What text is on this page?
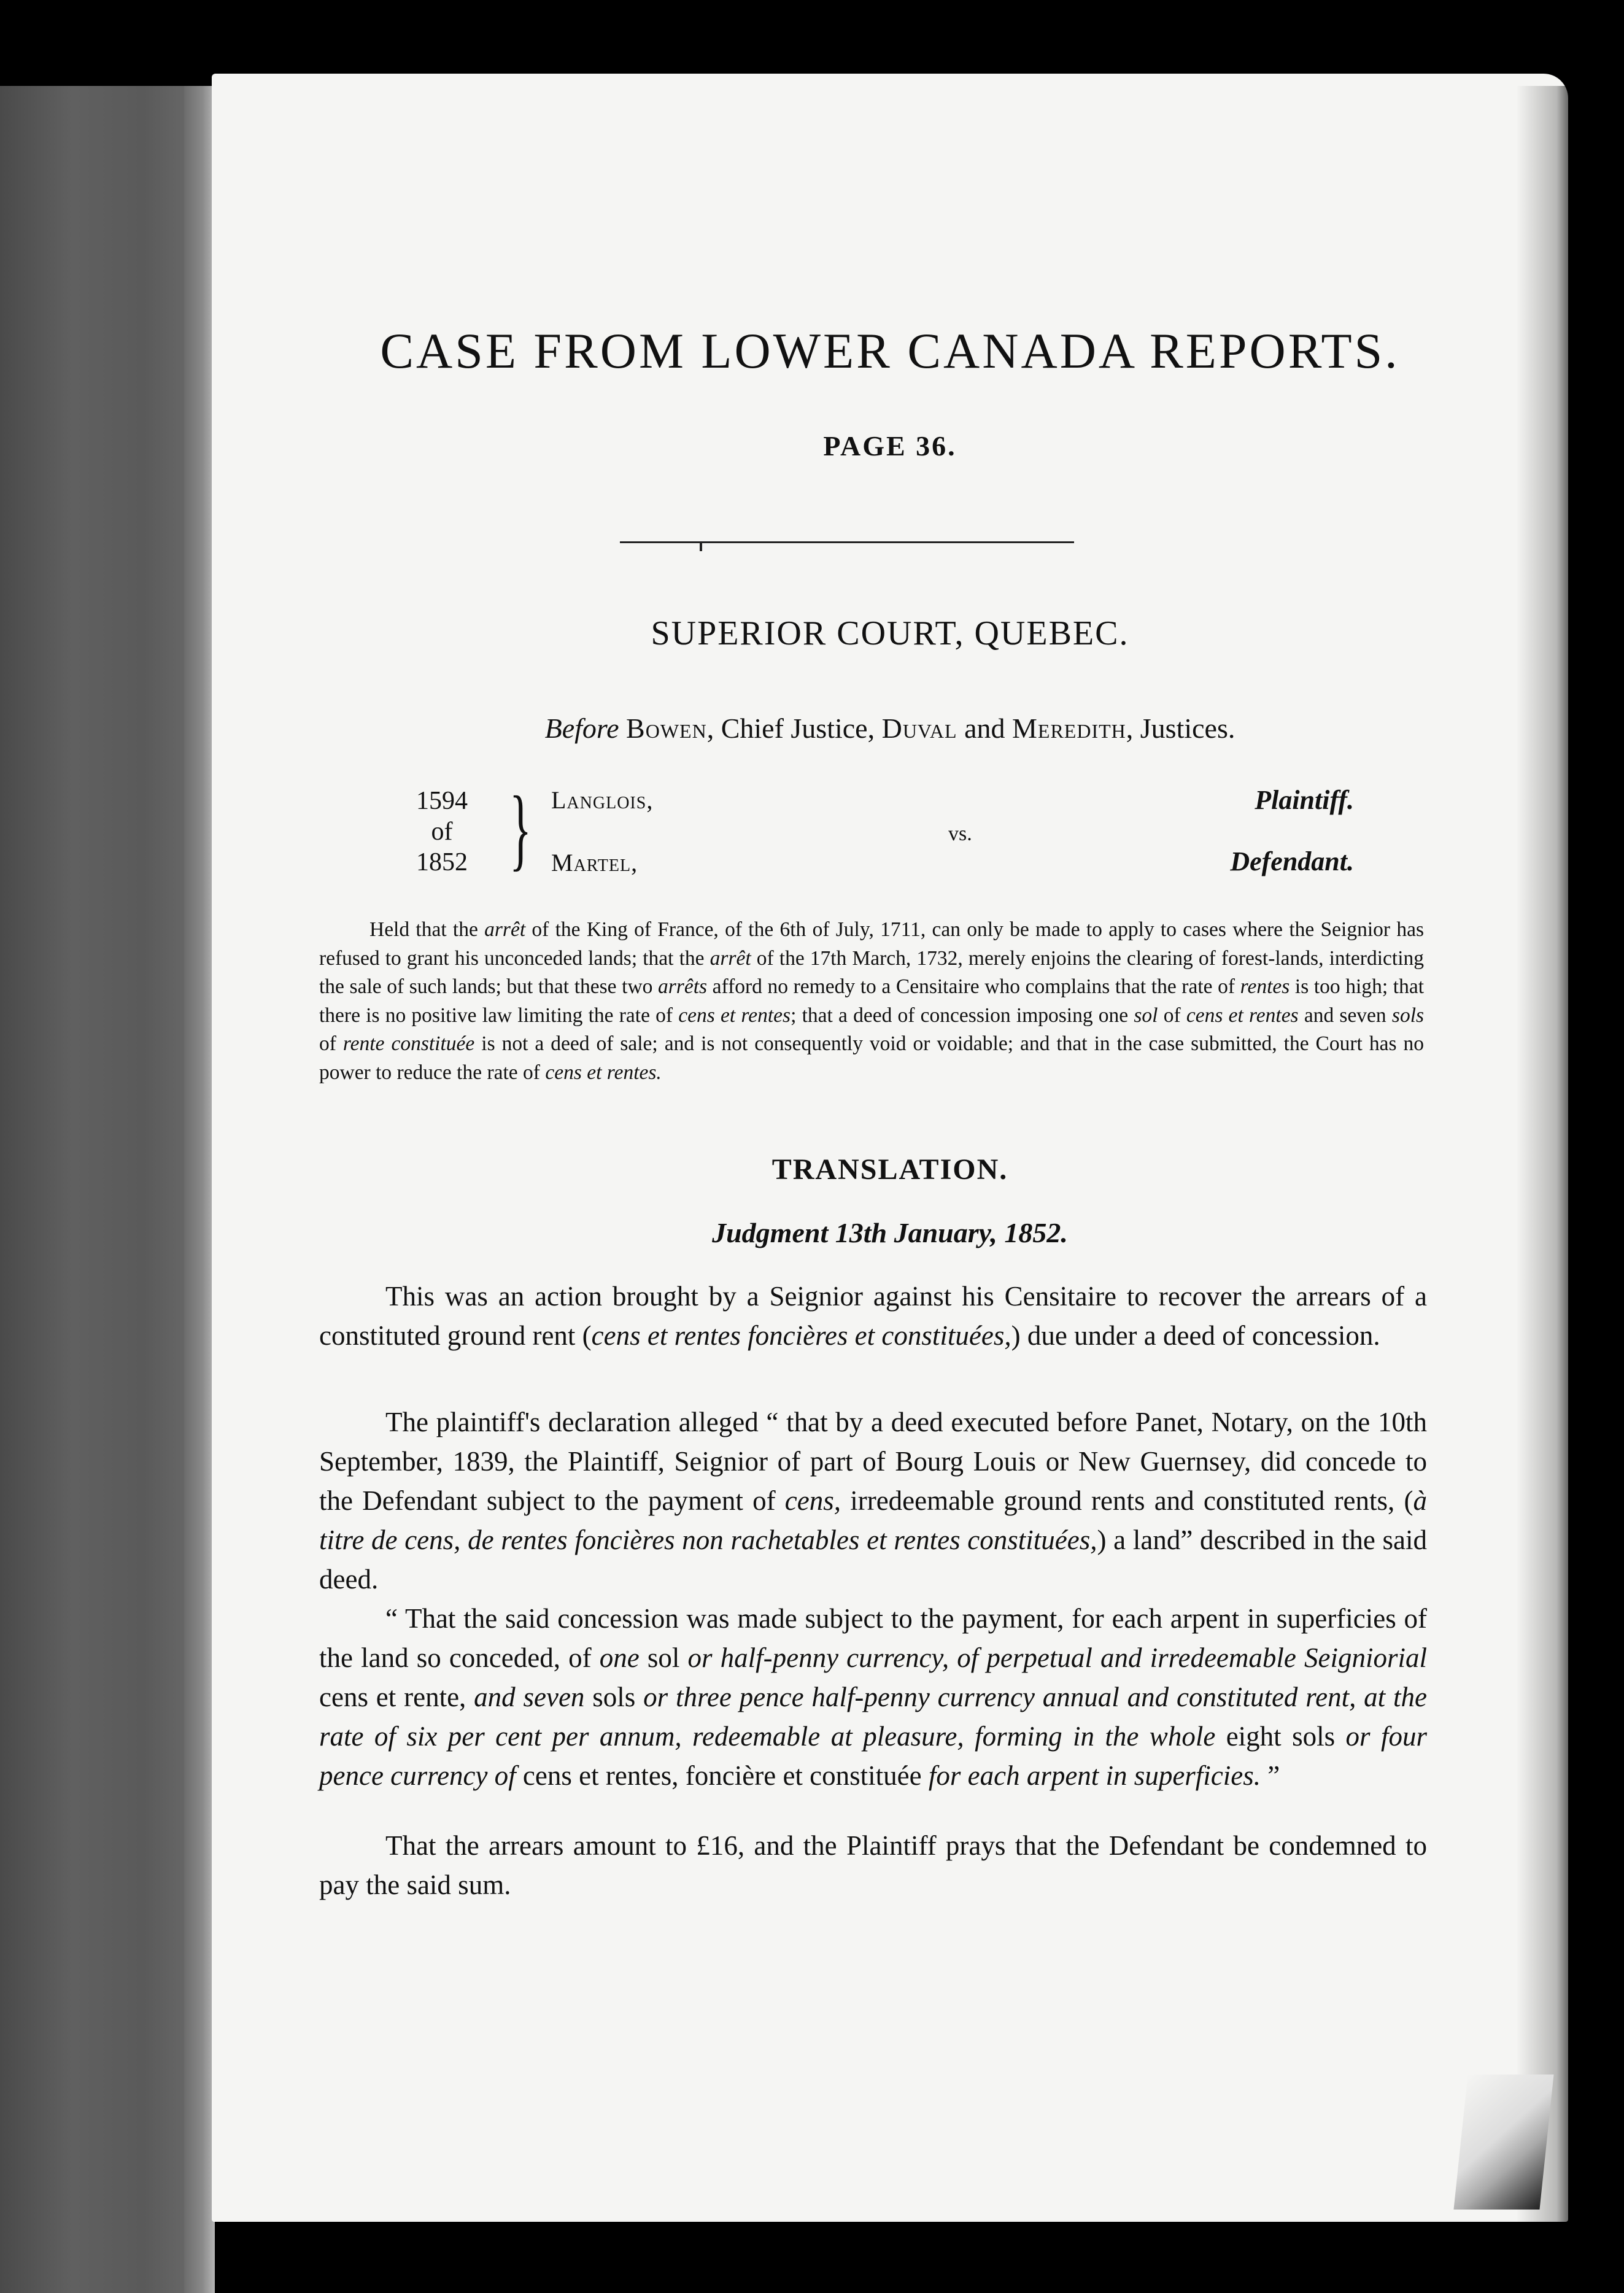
CASE FROM LOWER CANADA REPORTS.
PAGE 36.
SUPERIOR COURT, QUEBEC.
Before Bowen, Chief Justice, Duval and Meredith, Justices.
1594
of
1852 } Langlois,
Martel,
vs.
Plaintiff.
Defendant.
Held that the arrêt of the King of France, of the 6th of July, 1711, can only be made to apply to cases where the Seignior has refused to grant his unconceded lands; that the arrêt of the 17th March, 1732, merely enjoins the clearing of forest-lands, interdicting the sale of such lands; but that these two arrêts afford no remedy to a Censitaire who complains that the rate of rentes is too high; that there is no positive law limiting the rate of cens et rentes; that a deed of concession imposing one sol of cens et rentes and seven sols of rente constituée is not a deed of sale; and is not consequently void or voidable; and that in the case submitted, the Court has no power to reduce the rate of cens et rentes.
TRANSLATION.
Judgment 13th January, 1852.
This was an action brought by a Seignior against his Censitaire to recover the arrears of a constituted ground rent (cens et rentes foncières et constituées,) due under a deed of concession.
The plaintiff's declaration alleged “ that by a deed executed before Panet, Notary, on the 10th September, 1839, the Plaintiff, Seignior of part of Bourg Louis or New Guernsey, did concede to the Defendant subject to the payment of cens, irredeemable ground rents and constituted rents, (à titre de cens, de rentes foncières non rachetables et rentes constituées,) a land” described in the said deed.
“ That the said concession was made subject to the payment, for each arpent in superficies of the land so conceded, of one sol or half-penny currency, of perpetual and irredeemable Seigniorial cens et rente, and seven sols or three pence half-penny currency annual and constituted rent, at the rate of six per cent per annum, redeemable at pleasure, forming in the whole eight sols or four pence currency of cens et rentes, foncière et constituée for each arpent in superficies. ”
That the arrears amount to £16, and the Plaintiff prays that the Defendant be condemned to pay the said sum.
